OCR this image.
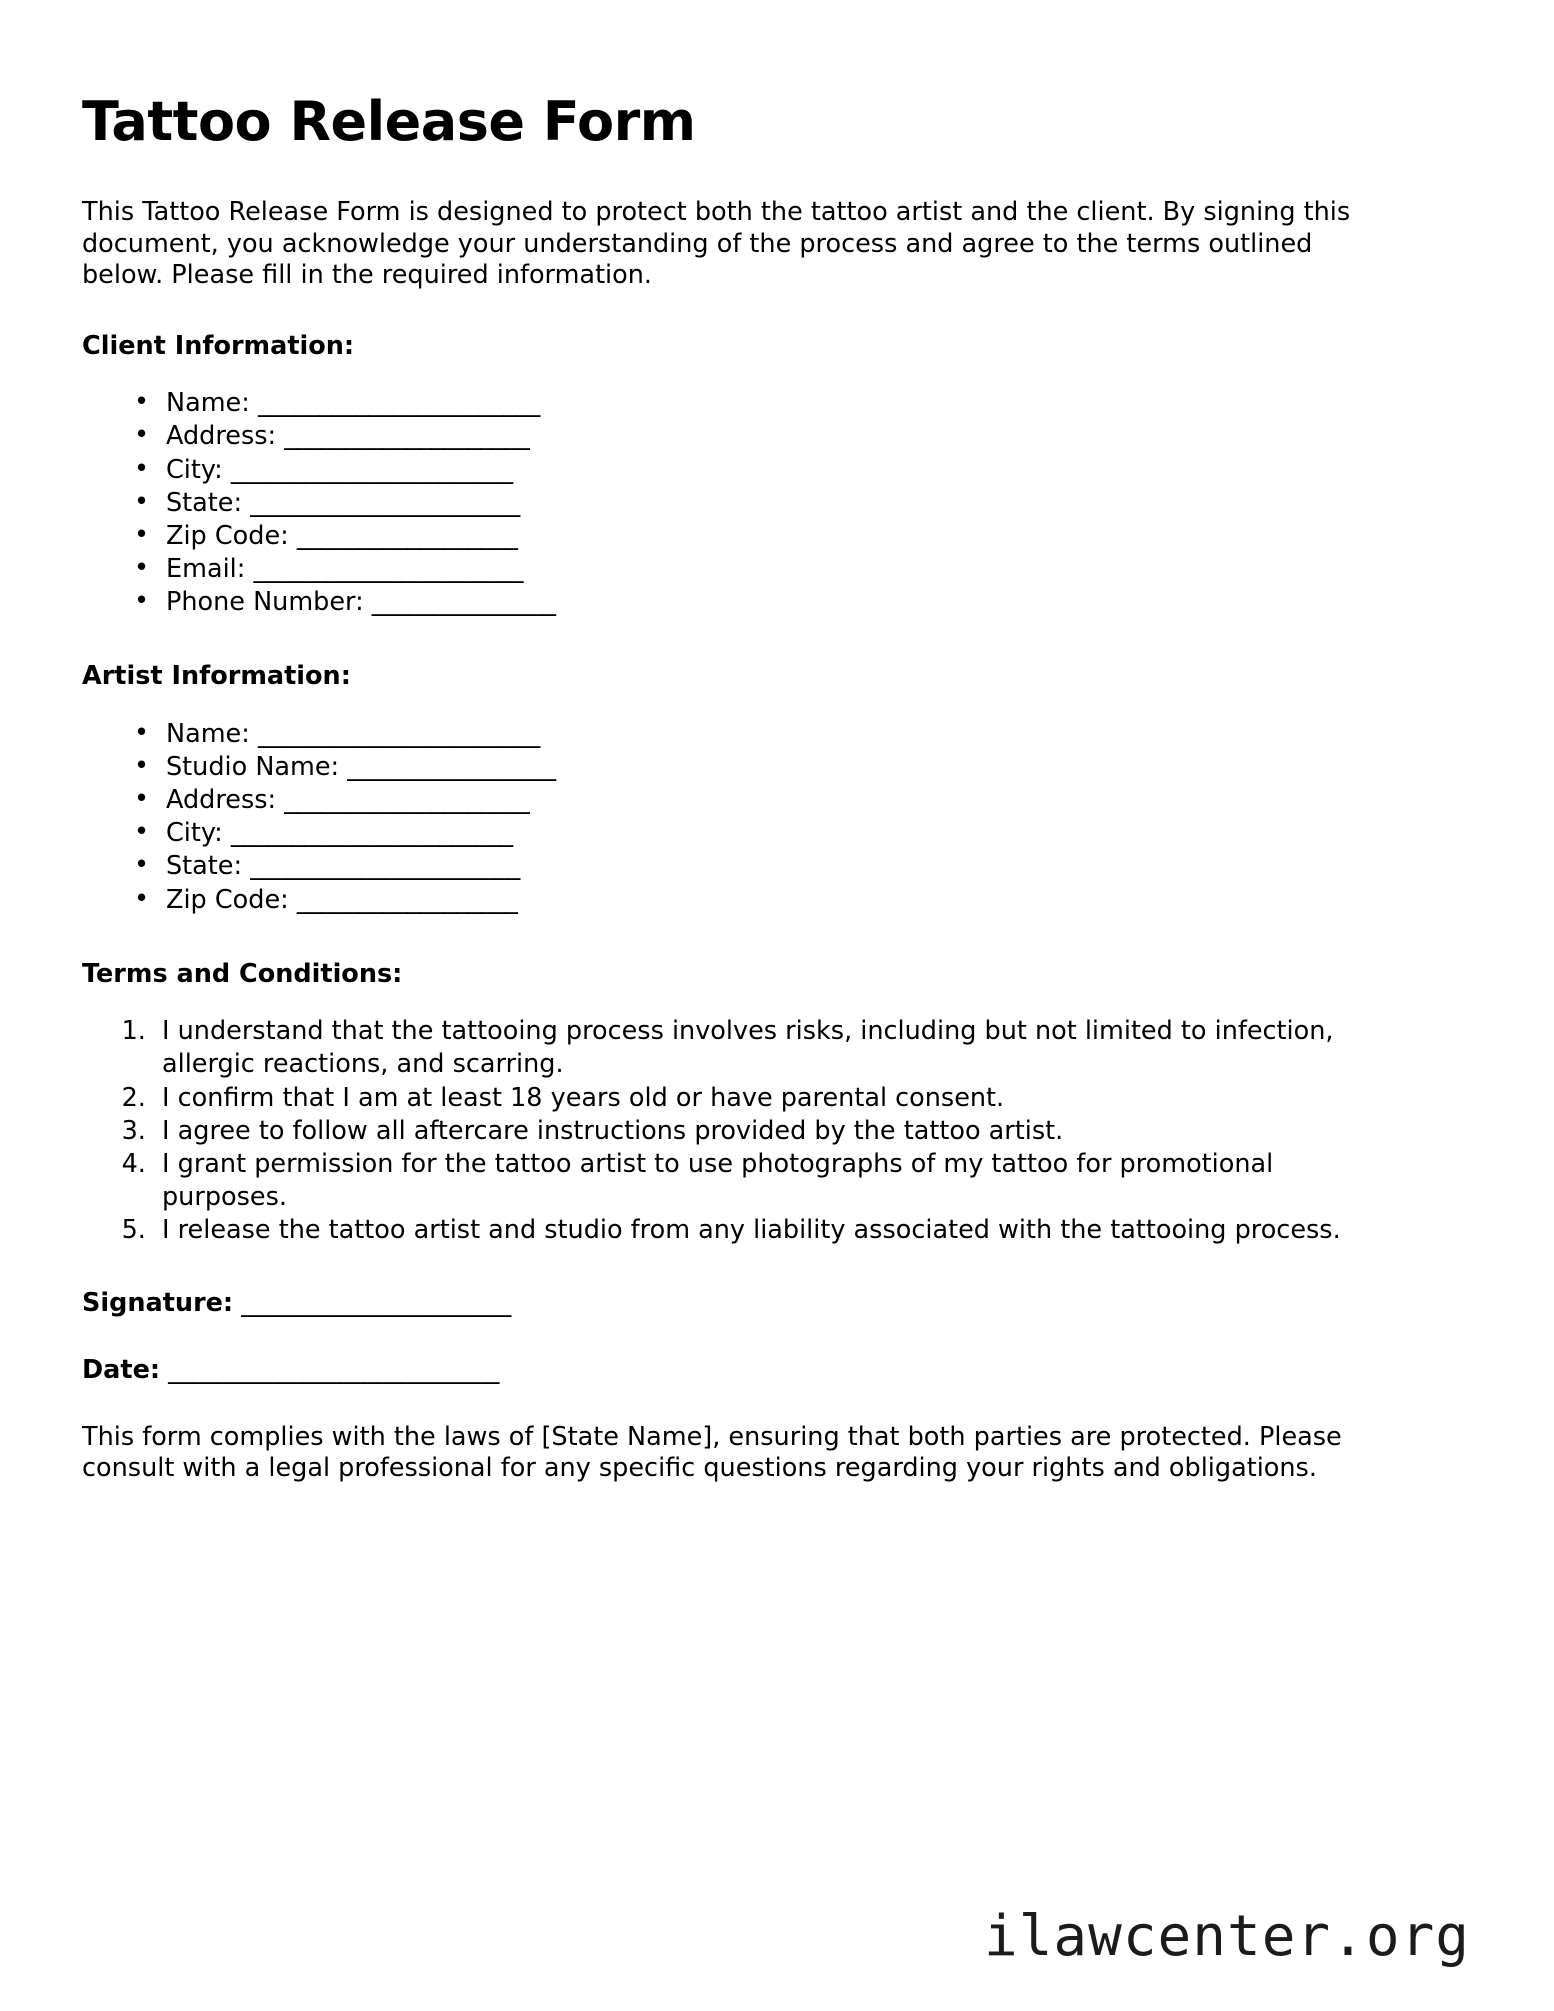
Tattoo Release Form

This Tattoo Release Form is designed to protect both the tattoo artist and the client. By signing this document, you acknowledge your understanding of the process and agree to the terms outlined below. Please fill in the required information.

Client Information:
• Name: _______________________
• Address: ____________________
• City: _______________________
• State: ______________________
• Zip Code: __________________
• Email: ______________________
• Phone Number: _______________
Artist Information:
• Name: _______________________
• Studio Name: _________________
• Address: ____________________
• City: _______________________
• State: ______________________
• Zip Code: __________________
Terms and Conditions:
1. I understand that the tattooing process involves risks, including but not limited to infection, allergic reactions, and scarring.
2. I confirm that I am at least 18 years old or have parental consent.
3. I agree to follow all aftercare instructions provided by the tattoo artist.
4. I grant permission for the tattoo artist to use photographs of my tattoo for promotional purposes.
5. I release the tattoo artist and studio from any liability associated with the tattooing process.
Signature: ______________________
Date: ___________________________

This form complies with the laws of [State Name], ensuring that both parties are protected. Please consult with a legal professional for any specific questions regarding your rights and obligations.

ilawcenter.org
